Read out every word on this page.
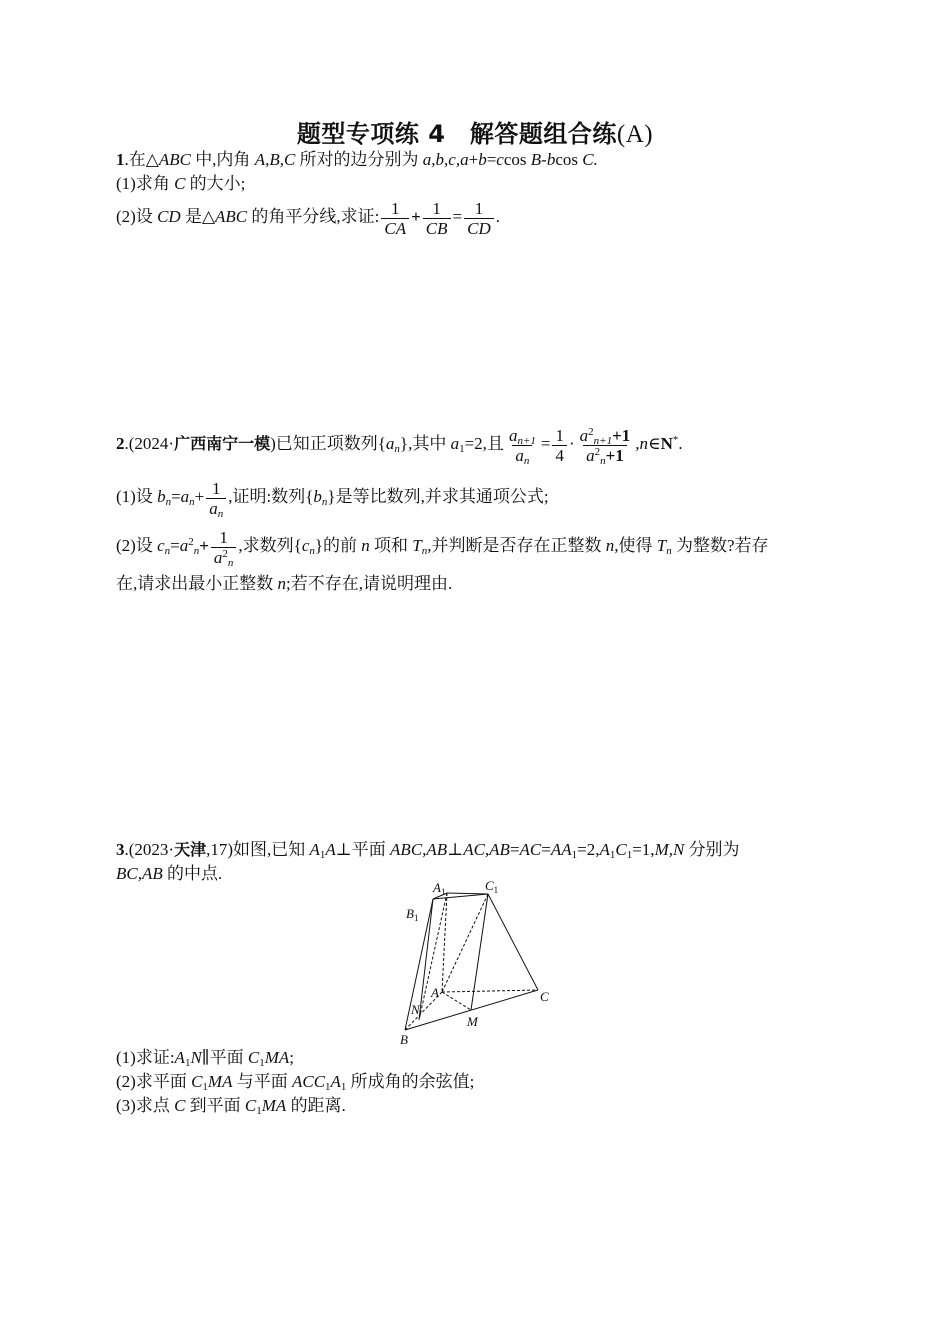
题型专项练 4　解答题组合练(A)
1.在△ABC 中,内角 A,B,C 所对的边分别为 a,b,c,a+b=ccos B-bcos C.
(1)求角 C 的大小;
(2)设 CD 是△ABC 的角平分线,求证: $\frac{1}{CA} + \frac{1}{CB} = \frac{1}{CD}$ .
2.(2024·广西南宁一模)已知正项数列$\{a_n\}$,其中 $a_1=2$,且 $\frac{a_{n+1}}{a_n} = \frac{1}{4} \cdot \frac{a^2_{n+1}+1}{a^2_n+1}$ ,n∈N*.
(1)设 $b_n=a_n+ \frac{1}{a_n}$ ,证明:数列$\{b_n\}$是等比数列,并求其通项公式;
(2)设 $c_n=a^2_n+ \frac{1}{a^2_n}$ ,求数列$\{c_n\}$的前 n 项和 $T_n$,并判断是否存在正整数 n,使得 $T_n$ 为整数?若存
在,请求出最小正整数 n;若不存在,请说明理由.
3.(2023·天津,17)如图,已知 $A_1A\perp$平面 $ABC,AB\perp AC,AB=AC=AA_1=2,A_1C_1=1,M,N$ 分别为
BC,AB 的中点.
$A_1$	$C_1$
$B_1$
A
N
M
B
C
(1)求证$:A_1N\parallel$平面 $C_1MA$;
(2)求平面 $C_1MA$ 与平面 $ACC_1A_1$ 所成角的余弦值;
(3)求点 C 到平面 $C_1MA$ 的距离.
